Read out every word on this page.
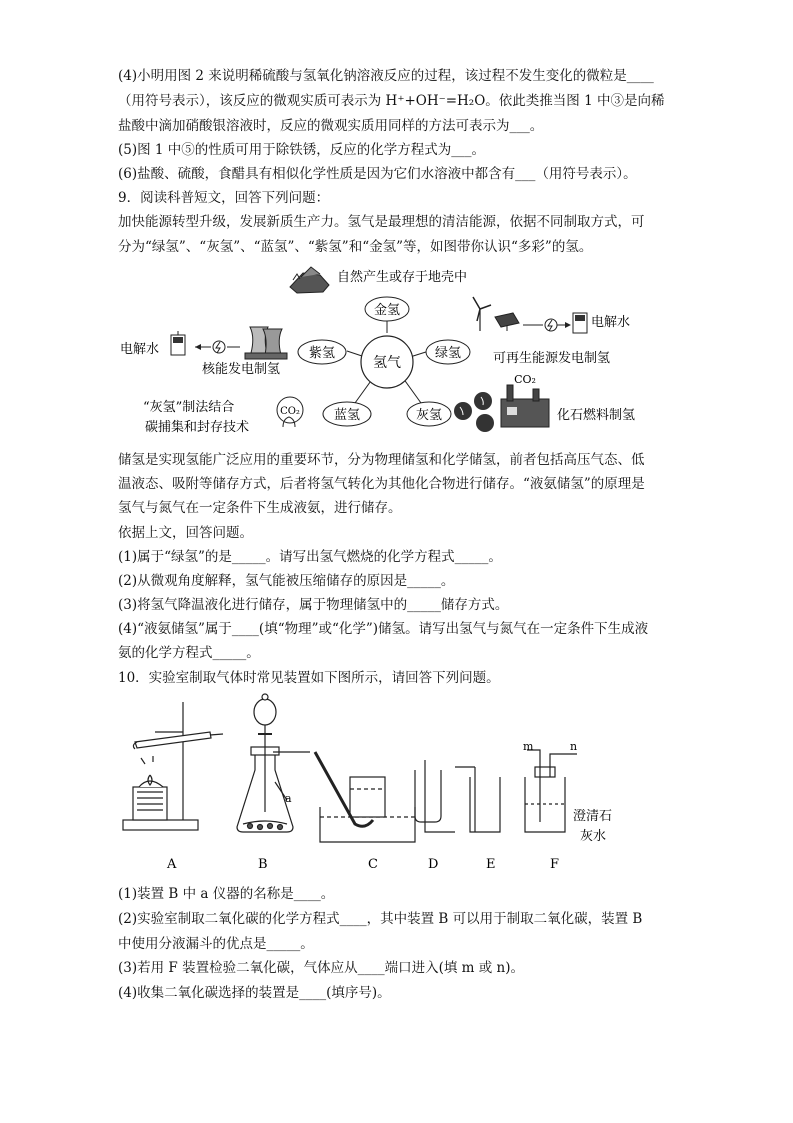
(4)小明用图 2 来说明稀硫酸与氢氧化钠溶液反应的过程，该过程不发生变化的微粒是____
（用符号表示），该反应的微观实质可表示为 H⁺+OH⁻=H₂O。依此类推当图 1 中③是向稀
盐酸中滴加硝酸银溶液时，反应的微观实质用同样的方法可表示为___。
(5)图 1 中⑤的性质可用于除铁锈，反应的化学方程式为___。
(6)盐酸、硫酸，食醋具有相似化学性质是因为它们水溶液中都含有___（用符号表示）。
9．阅读科普短文，回答下列问题：
加快能源转型升级，发展新质生产力。氢气是最理想的清洁能源，依据不同制取方式，可
分为“绿氢”、“灰氢”、“蓝氢”、“紫氢”和“金氢”等，如图带你认识“多彩”的氢。
氢气
金氢
紫氢	绿氢
蓝氢	灰氢
自然产生或存于地壳中
电解水
核能发电制氢
电解水
可再生能源发电制氢
“灰氢”制法结合
碳捕集和封存技术
CO₂
CO₂
化石燃料制氢
储氢是实现氢能广泛应用的重要环节，分为物理储氢和化学储氢，前者包括高压气态、低
温液态、吸附等储存方式，后者将氢气转化为其他化合物进行储存。“液氨储氢”的原理是
氢气与氮气在一定条件下生成液氨，进行储存。
依据上文，回答问题。
(1)属于“绿氢”的是_____。请写出氢气燃烧的化学方程式_____。
(2)从微观角度解释，氢气能被压缩储存的原因是_____。
(3)将氢气降温液化进行储存，属于物理储氢中的_____储存方式。
(4)“液氨储氢”属于____(填“物理”或“化学”)储氢。请写出氢气与氮气在一定条件下生成液
氨的化学方程式_____。
10．实验室制取气体时常见装置如下图所示，请回答下列问题。
a
m	n
澄清石
灰水
A	B	C	D	E	F
(1)装置 B 中 a 仪器的名称是____。
(2)实验室制取二氧化碳的化学方程式____，其中装置 B 可以用于制取二氧化碳，装置 B
中使用分液漏斗的优点是_____。
(3)若用 F 装置检验二氧化碳，气体应从____端口进入(填 m 或 n)。
(4)收集二氧化碳选择的装置是____(填序号)。
